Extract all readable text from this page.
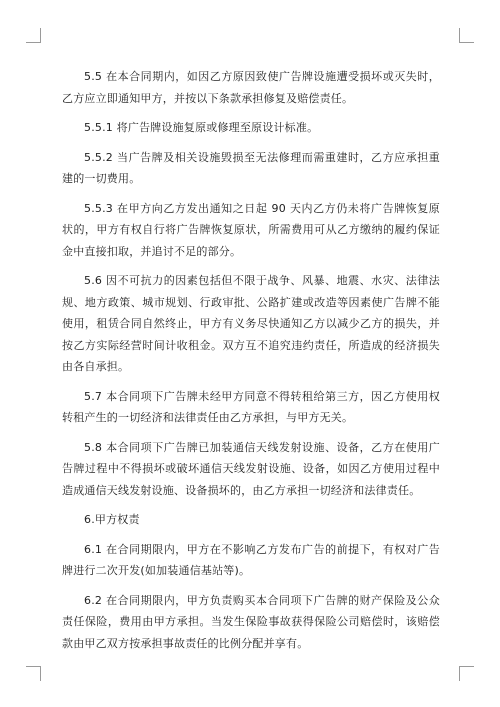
5.5 在本合同期内，如因乙方原因致使广告牌设施遭受损坏或灭失时，乙方应立即通知甲方，并按以下条款承担修复及赔偿责任。

5.5.1 将广告牌设施复原或修理至原设计标准。

5.5.2 当广告牌及相关设施毁损至无法修理而需重建时，乙方应承担重建的一切费用。

5.5.3 在甲方向乙方发出通知之日起 90 天内乙方仍未将广告牌恢复原状的，甲方有权自行将广告牌恢复原状，所需费用可从乙方缴纳的履约保证金中直接扣取，并追讨不足的部分。

5.6 因不可抗力的因素包括但不限于战争、风暴、地震、水灾、法律法规、地方政策、城市规划、行政审批、公路扩建或改造等因素使广告牌不能使用，租赁合同自然终止，甲方有义务尽快通知乙方以减少乙方的损失，并按乙方实际经营时间计收租金。双方互不追究违约责任，所造成的经济损失由各自承担。

5.7 本合同项下广告牌未经甲方同意不得转租给第三方，因乙方使用权转租产生的一切经济和法律责任由乙方承担，与甲方无关。

5.8 本合同项下广告牌已加装通信天线发射设施、设备，乙方在使用广告牌过程中不得损坏或破坏通信天线发射设施、设备，如因乙方使用过程中造成通信天线发射设施、设备损坏的，由乙方承担一切经济和法律责任。

6.甲方权责

6.1 在合同期限内，甲方在不影响乙方发布广告的前提下，有权对广告牌进行二次开发(如加装通信基站等)。

6.2 在合同期限内，甲方负责购买本合同项下广告牌的财产保险及公众责任保险，费用由甲方承担。当发生保险事故获得保险公司赔偿时，该赔偿款由甲乙双方按承担事故责任的比例分配并享有。
